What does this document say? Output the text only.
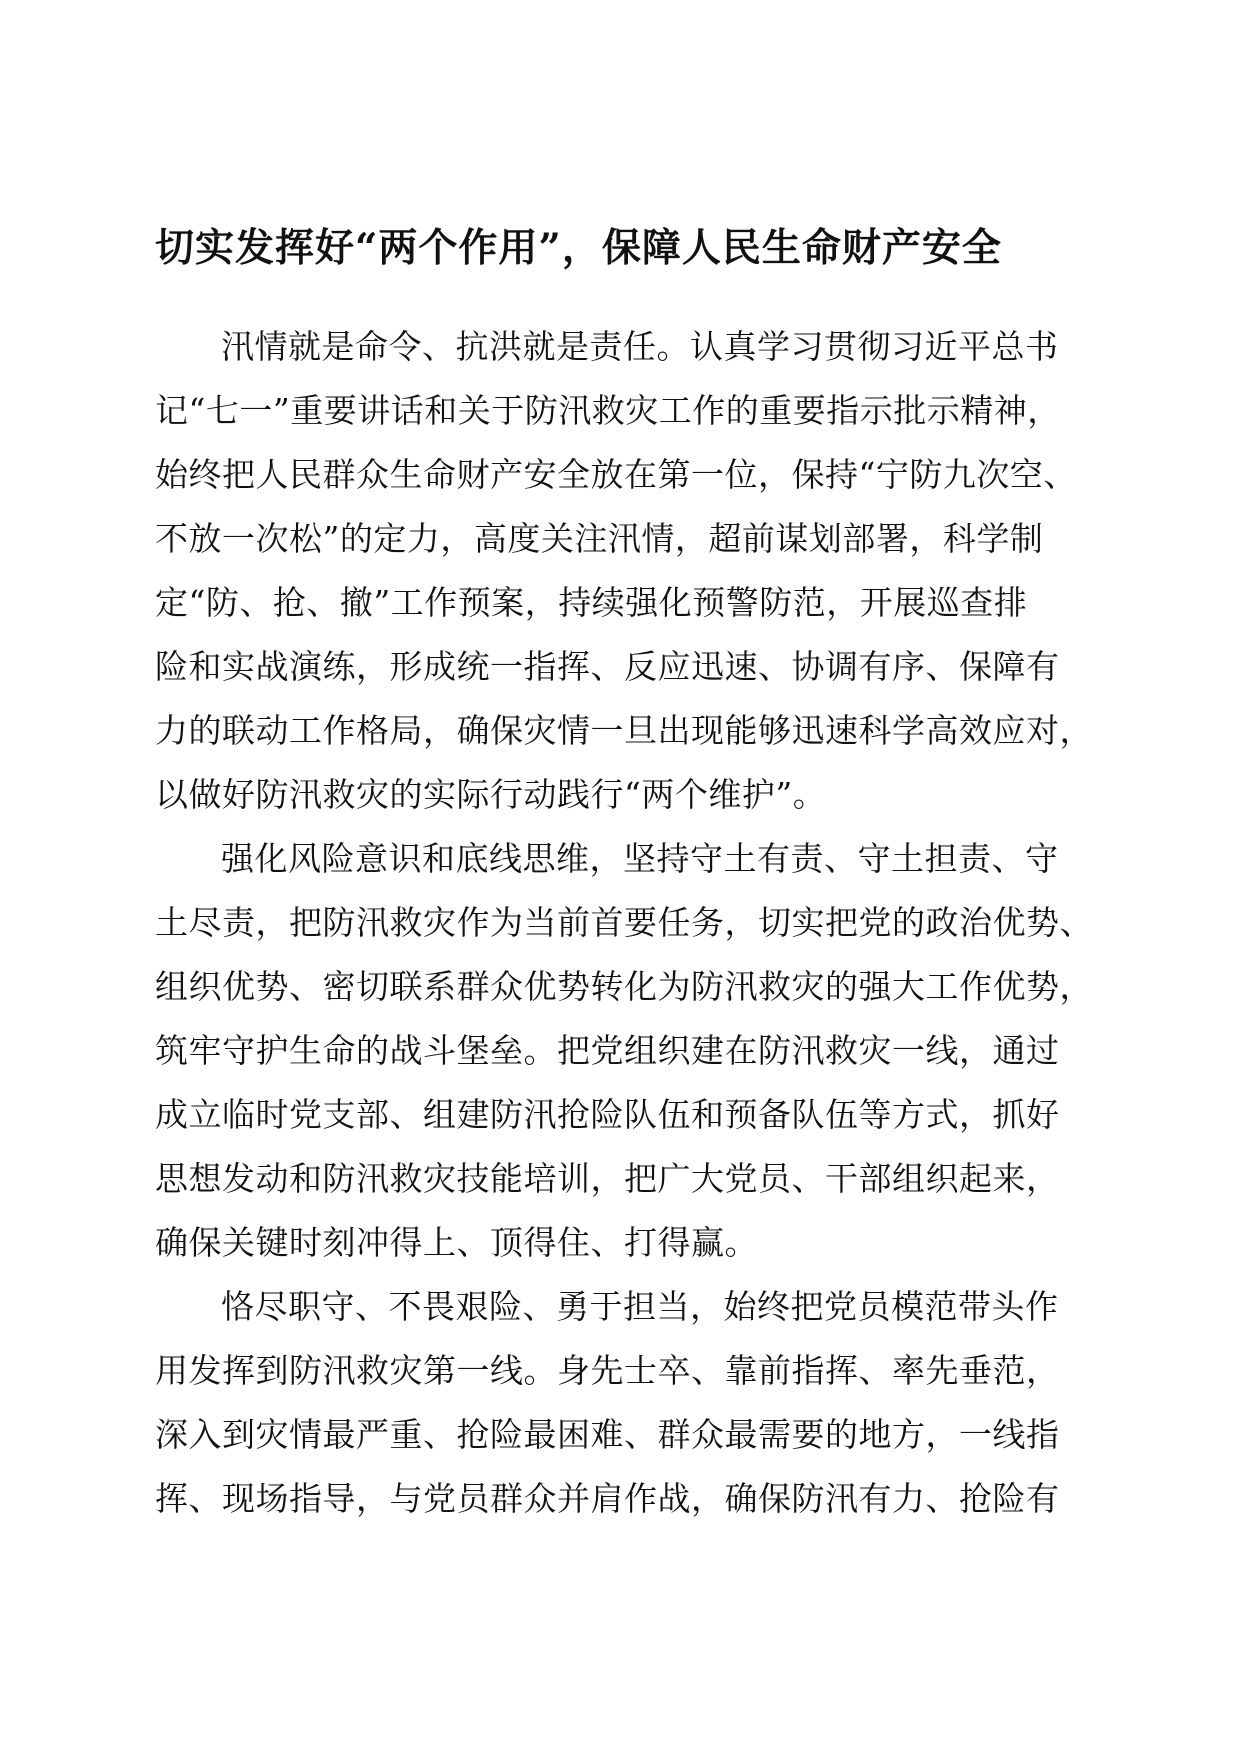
切实发挥好“两个作用”，保障人民生命财产安全

汛情就是命令、抗洪就是责任。认真学习贯彻习近平总书

记“七一”重要讲话和关于防汛救灾工作的重要指示批示精神，

始终把人民群众生命财产安全放在第一位，保持“宁防九次空、

不放一次松”的定力，高度关注汛情，超前谋划部署，科学制

定“防、抢、撤”工作预案，持续强化预警防范，开展巡查排

险和实战演练，形成统一指挥、反应迅速、协调有序、保障有

力的联动工作格局，确保灾情一旦出现能够迅速科学高效应对，

以做好防汛救灾的实际行动践行“两个维护”。

强化风险意识和底线思维，坚持守土有责、守土担责、守

土尽责，把防汛救灾作为当前首要任务，切实把党的政治优势、

组织优势、密切联系群众优势转化为防汛救灾的强大工作优势，

筑牢守护生命的战斗堡垒。把党组织建在防汛救灾一线，通过

成立临时党支部、组建防汛抢险队伍和预备队伍等方式，抓好

思想发动和防汛救灾技能培训，把广大党员、干部组织起来，

确保关键时刻冲得上、顶得住、打得赢。

恪尽职守、不畏艰险、勇于担当，始终把党员模范带头作

用发挥到防汛救灾第一线。身先士卒、靠前指挥、率先垂范，

深入到灾情最严重、抢险最困难、群众最需要的地方，一线指

挥、现场指导，与党员群众并肩作战，确保防汛有力、抢险有
